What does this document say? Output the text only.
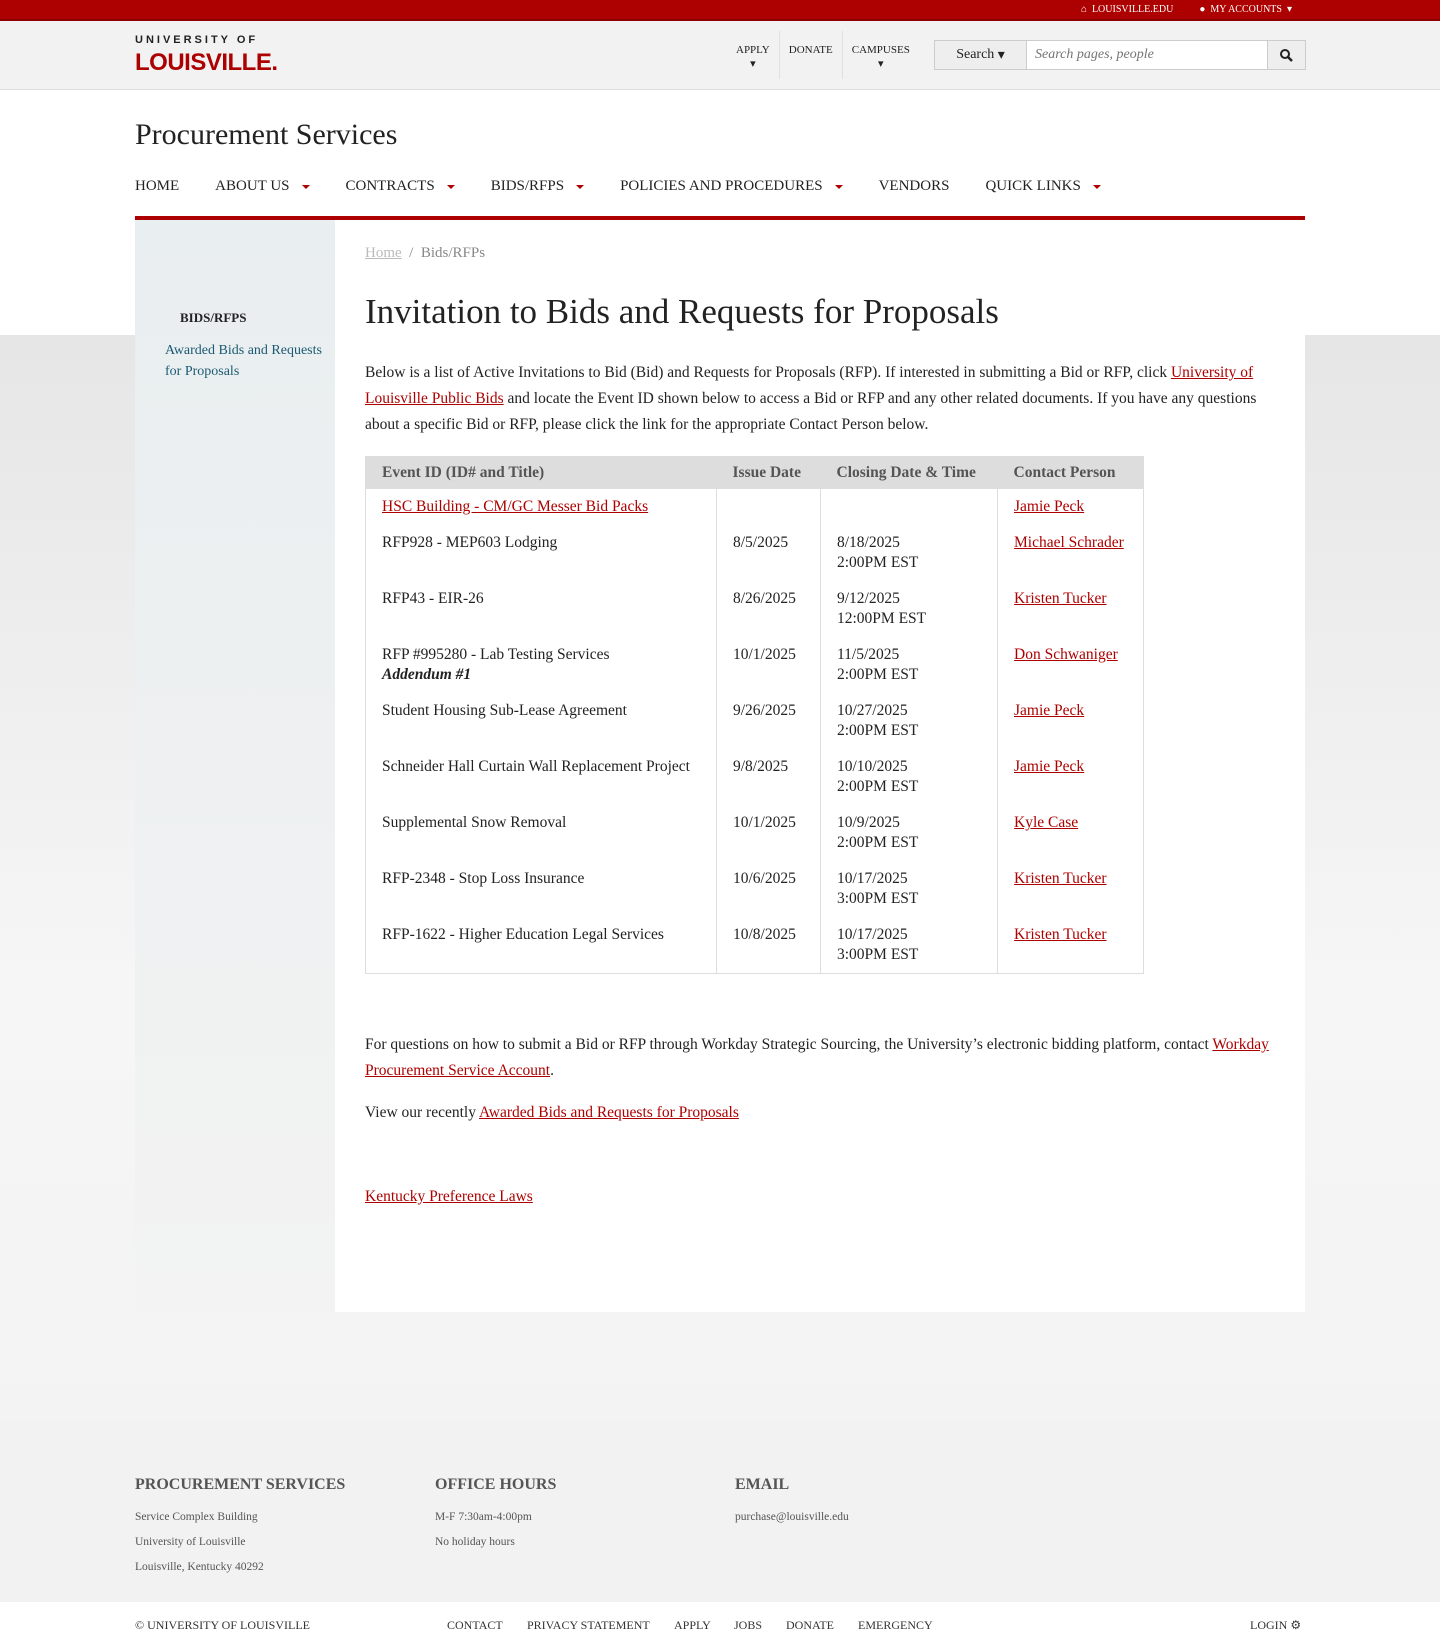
⌂ LOUISVILLE.EDU	● MY ACCOUNTS ▾
UNIVERSITY OF
LOUISVILLE.	APPLY
▾
DONATE	CAMPUSES
▾
Search ▾
Search pages, people
Procurement Services
HOME ABOUT US	CONTRACTS	BIDS/RFPS	POLICIES AND PROCEDURES	VENDORS QUICK LINKS
BIDS/RFPS
Awarded Bids and Requests for Proposals
Home / Bids/RFPs
Invitation to Bids and Requests for Proposals

Below is a list of Active Invitations to Bid (Bid) and Requests for Proposals (RFP). If interested in submitting a Bid or RFP, click University of Louisville Public Bids and locate the Event ID shown below to access a Bid or RFP and any other related documents. If you have any questions about a specific Bid or RFP, please click the link for the appropriate Contact Person below.

Event ID (ID# and Title)	Issue Date	Closing Date & Time	Contact Person
HSC Building - CM/GC Messer Bid Packs			Jamie Peck
RFP928 - MEP603 Lodging	8/5/2025	8/18/2025
2:00PM EST	Michael Schrader
RFP43 - EIR-26	8/26/2025	9/12/2025
12:00PM EST	Kristen Tucker
RFP #995280 - Lab Testing Services
Addendum #1	10/1/2025	11/5/2025
2:00PM EST	Don Schwaniger
Student Housing Sub-Lease Agreement	9/26/2025	10/27/2025
2:00PM EST	Jamie Peck
Schneider Hall Curtain Wall Replacement Project	9/8/2025	10/10/2025
2:00PM EST	Jamie Peck
Supplemental Snow Removal	10/1/2025	10/9/2025
2:00PM EST	Kyle Case
RFP-2348 - Stop Loss Insurance	10/6/2025	10/17/2025
3:00PM EST	Kristen Tucker
RFP-1622 - Higher Education Legal Services	10/8/2025	10/17/2025
3:00PM EST	Kristen Tucker

For questions on how to submit a Bid or RFP through Workday Strategic Sourcing, the University’s electronic bidding platform, contact Workday Procurement Service Account.

View our recently Awarded Bids and Requests for Proposals

Kentucky Preference Laws

PROCUREMENT SERVICES
Service Complex Building
University of Louisville
Louisville, Kentucky 40292
OFFICE HOURS
M-F 7:30am-4:00pm
No holiday hours
EMAIL
purchase@louisville.edu
© UNIVERSITY OF LOUISVILLE	CONTACT PRIVACY STATEMENT APPLY JOBS DONATE EMERGENCY	LOGIN ⚙
